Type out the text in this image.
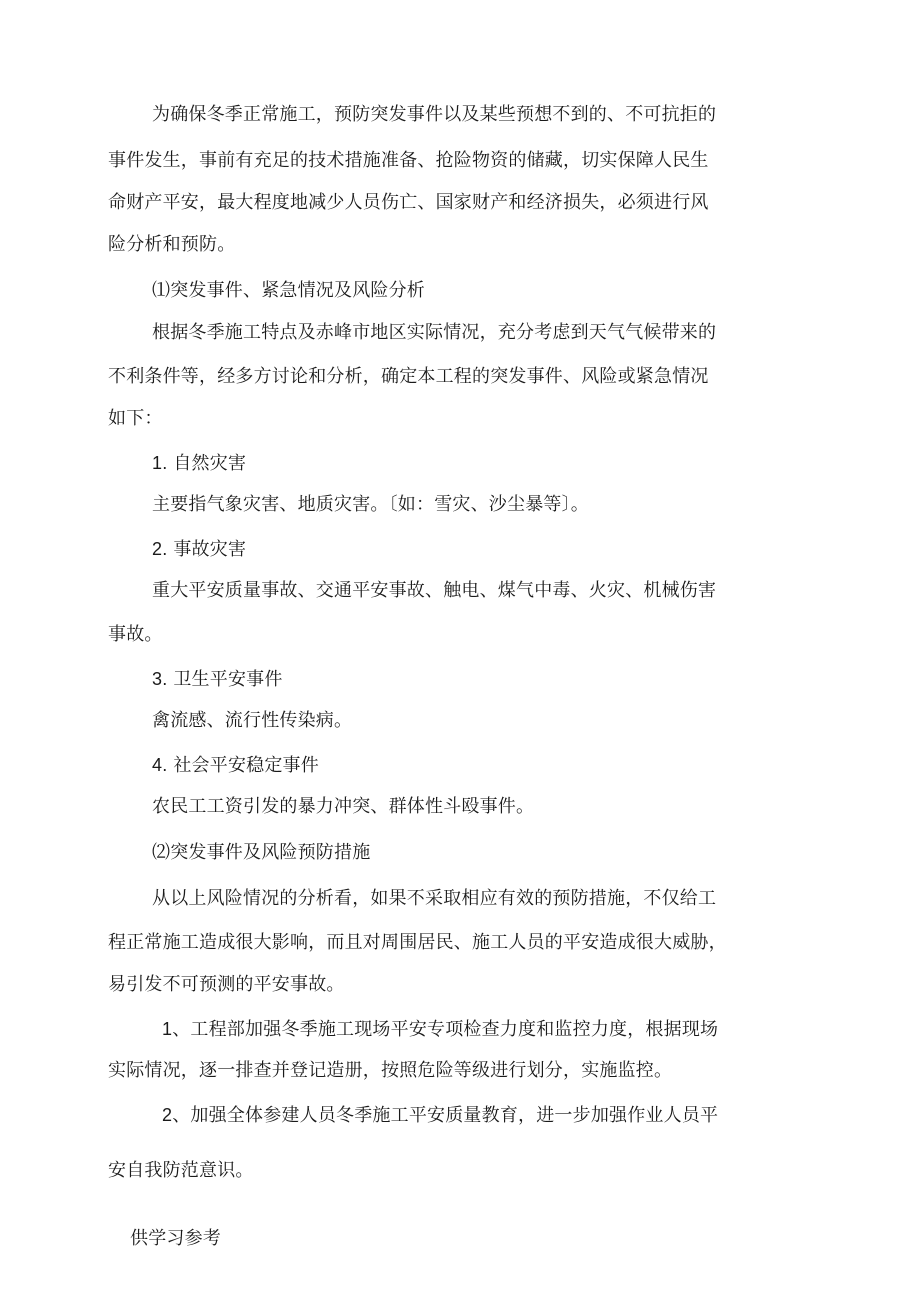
为确保冬季正常施工，预防突发事件以及某些预想不到的、不可抗拒的
事件发生，事前有充足的技术措施准备、抢险物资的储藏，切实保障人民生
命财产平安，最大程度地减少人员伤亡、国家财产和经济损失，必须进行风
险分析和预防。
⑴突发事件、紧急情况及风险分析
根据冬季施工特点及赤峰市地区实际情况，充分考虑到天气气候带来的
不利条件等，经多方讨论和分析，确定本工程的突发事件、风险或紧急情况
如下：
1. 自然灾害
主要指气象灾害、地质灾害。〔如：雪灾、沙尘暴等〕。
2. 事故灾害
重大平安质量事故、交通平安事故、触电、煤气中毒、火灾、机械伤害
事故。
3. 卫生平安事件
禽流感、流行性传染病。
4. 社会平安稳定事件
农民工工资引发的暴力冲突、群体性斗殴事件。
⑵突发事件及风险预防措施
从以上风险情况的分析看，如果不采取相应有效的预防措施，不仅给工
程正常施工造成很大影响，而且对周围居民、施工人员的平安造成很大威胁，
易引发不可预测的平安事故。
1、工程部加强冬季施工现场平安专项检查力度和监控力度，根据现场
实际情况，逐一排查并登记造册，按照危险等级进行划分，实施监控。
2、加强全体参建人员冬季施工平安质量教育，进一步加强作业人员平
安自我防范意识。
供学习参考
